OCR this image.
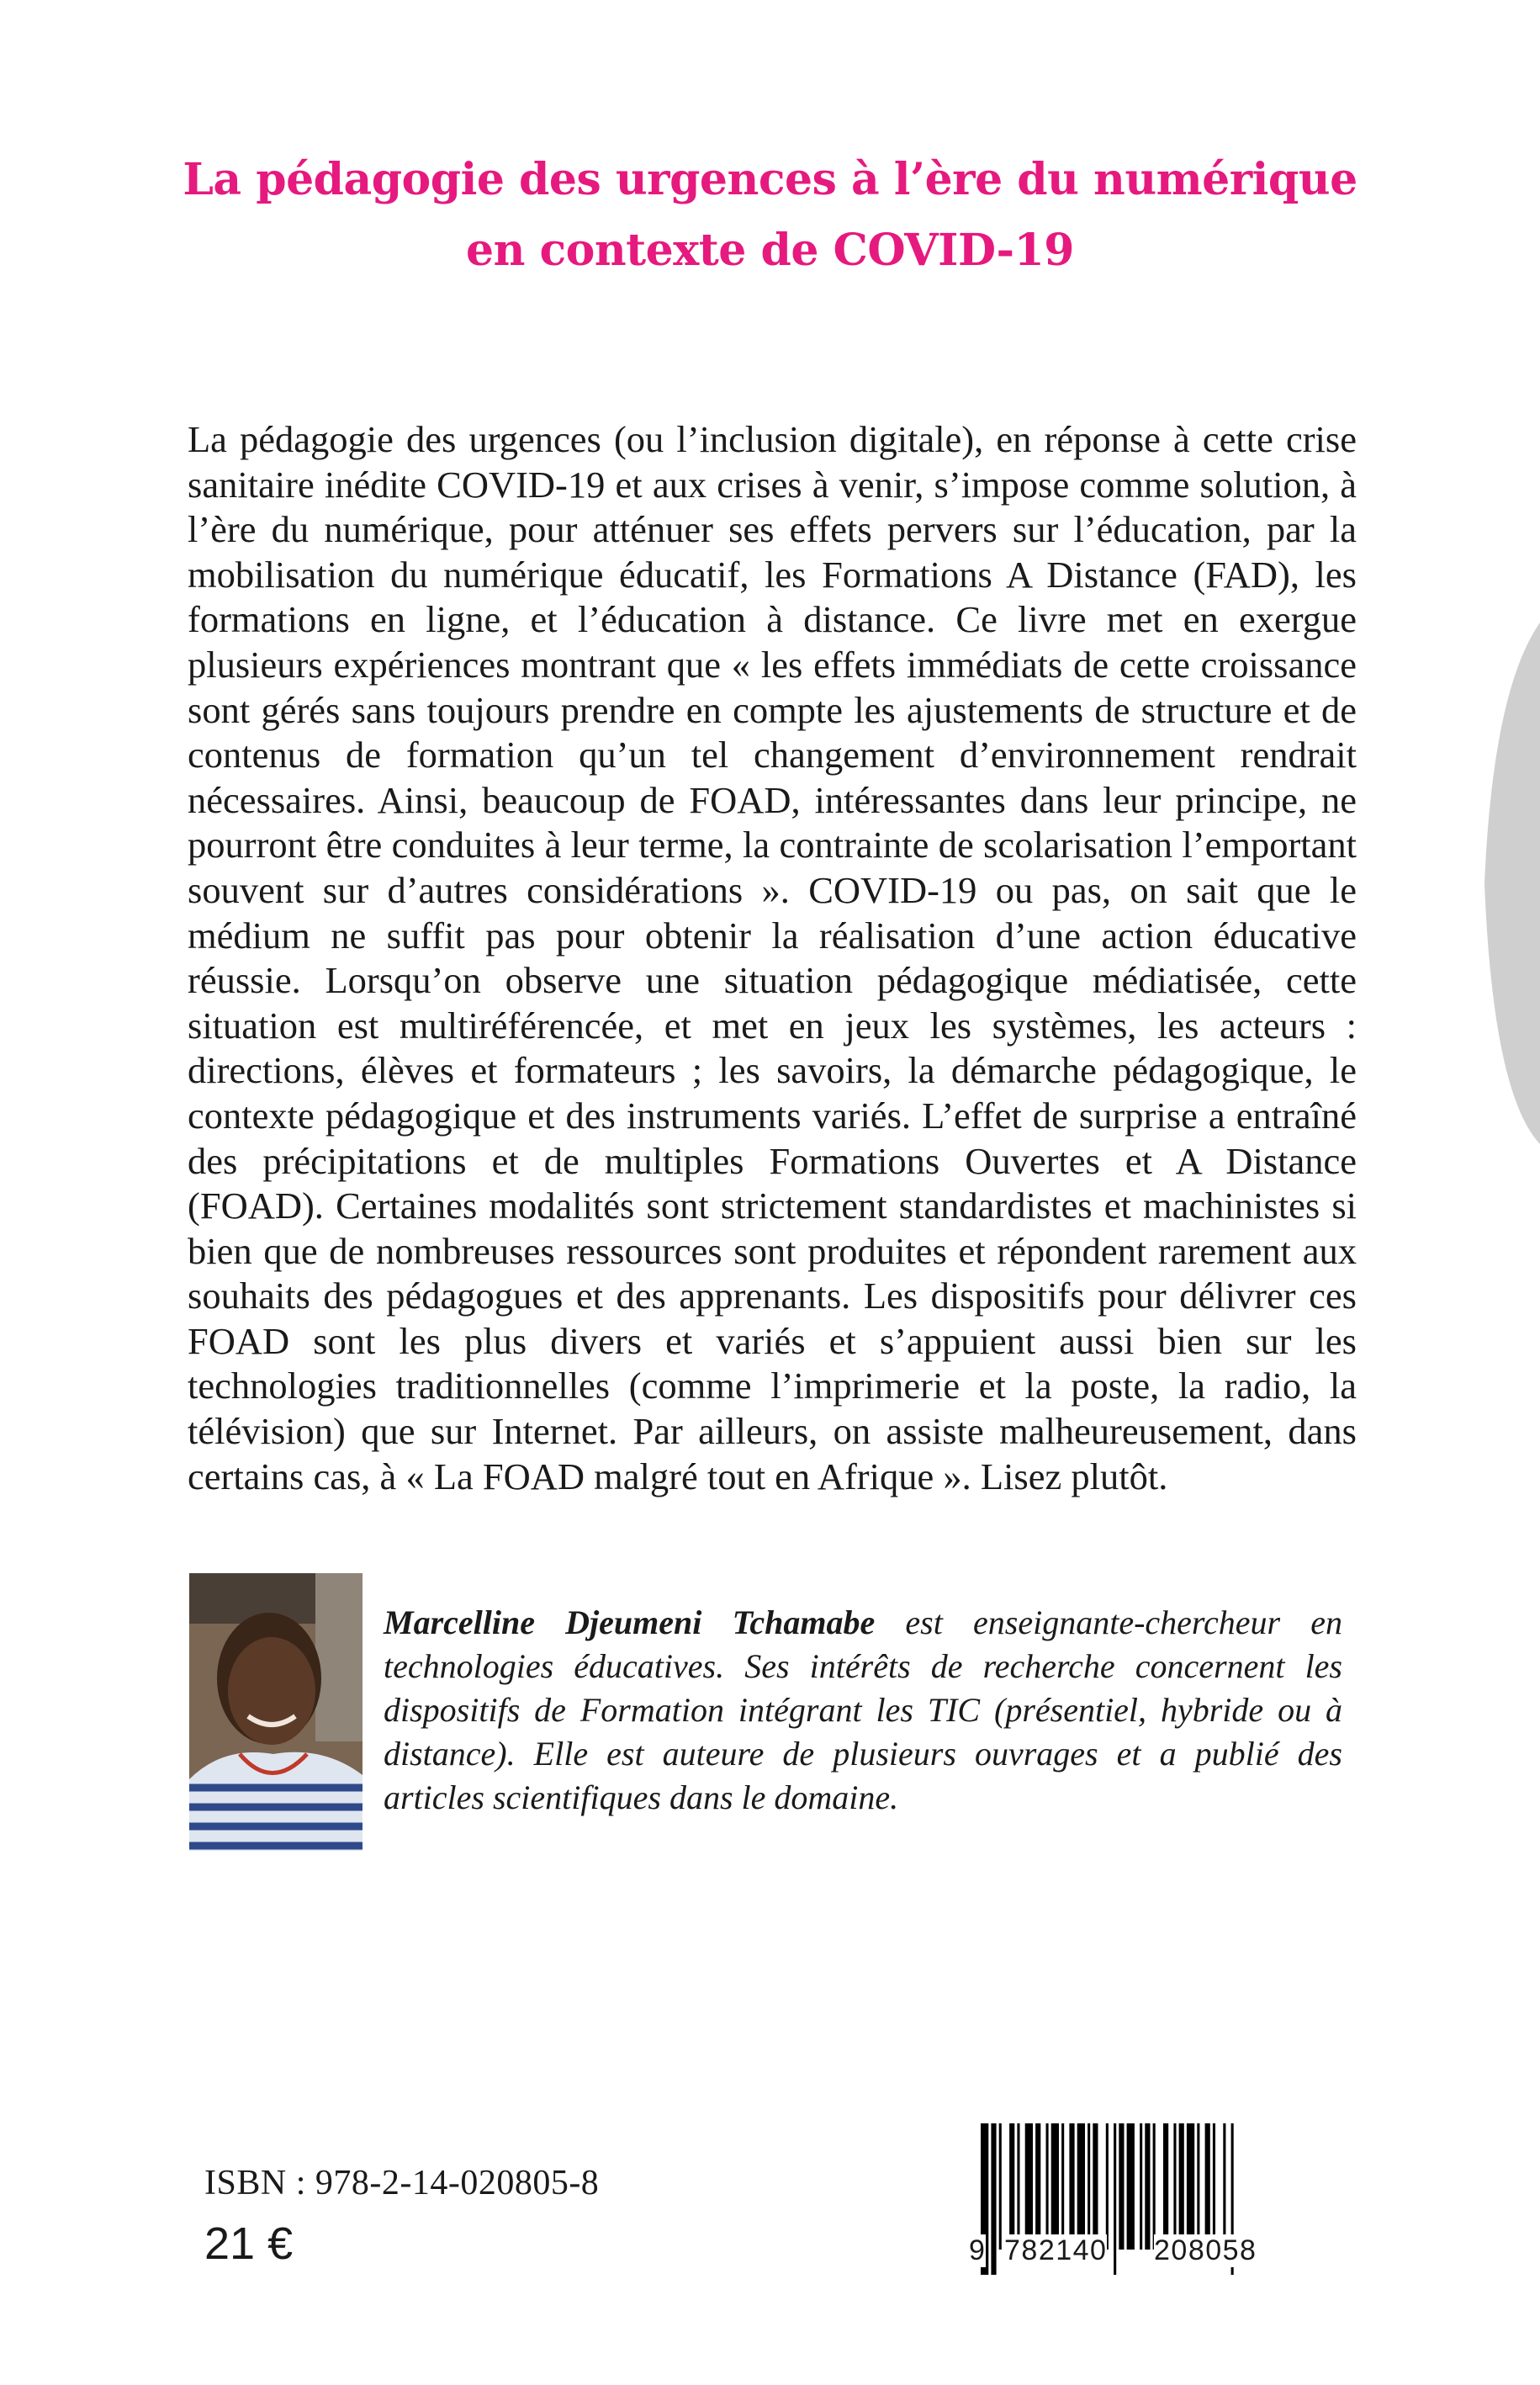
La pédagogie des urgences à l’ère du numérique
en contexte de COVID-19
La pédagogie des urgences (ou l’inclusion digitale), en réponse à cette crise sanitaire inédite COVID-19 et aux crises à venir, s’impose comme solution, à l’ère du numérique, pour atténuer ses effets pervers sur l’éducation, par la mobilisation du numérique éducatif, les Formations A Distance (FAD), les formations en ligne, et l’éducation à distance. Ce livre met en exergue plusieurs expériences montrant que « les effets immédiats de cette croissance sont gérés sans toujours prendre en compte les ajustements de structure et de contenus de formation qu’un tel changement d’environnement rendrait nécessaires. Ainsi, beaucoup de FOAD, intéressantes dans leur principe, ne pourront être conduites à leur terme, la contrainte de scolarisation l’emportant souvent sur d’autres considérations ». COVID-19 ou pas, on sait que le médium ne suffit pas pour obtenir la réalisation d’une action éducative réussie. Lorsqu’on observe une situation pédagogique médiatisée, cette situation est multiréférencée, et met en jeux les systèmes, les acteurs : directions, élèves et formateurs ; les savoirs, la démarche pédagogique, le contexte pédagogique et des instruments variés. L’effet de surprise a entraîné des précipitations et de multiples Formations Ouvertes et A Distance (FOAD). Certaines modalités sont strictement standardistes et machinistes si bien que de nombreuses ressources sont produites et répondent rarement aux souhaits des pédagogues et des apprenants. Les dispositifs pour délivrer ces FOAD sont les plus divers et variés et s’appuient aussi bien sur les technologies traditionnelles (comme l’imprimerie et la poste, la radio, la télévision) que sur Internet. Par ailleurs, on assiste malheureusement, dans certains cas, à « La FOAD malgré tout en Afrique ». Lisez plutôt.
Marcelline Djeumeni Tchamabe est enseignante-chercheur en technologies éducatives. Ses intérêts de recherche concernent les dispositifs de Formation intégrant les TIC (présentiel, hybride ou à distance). Elle est auteure de plusieurs ouvrages et a publié des articles scientifiques dans le domaine.
ISBN : 978-2-14-020805-8
21 €	9 782140 208058
